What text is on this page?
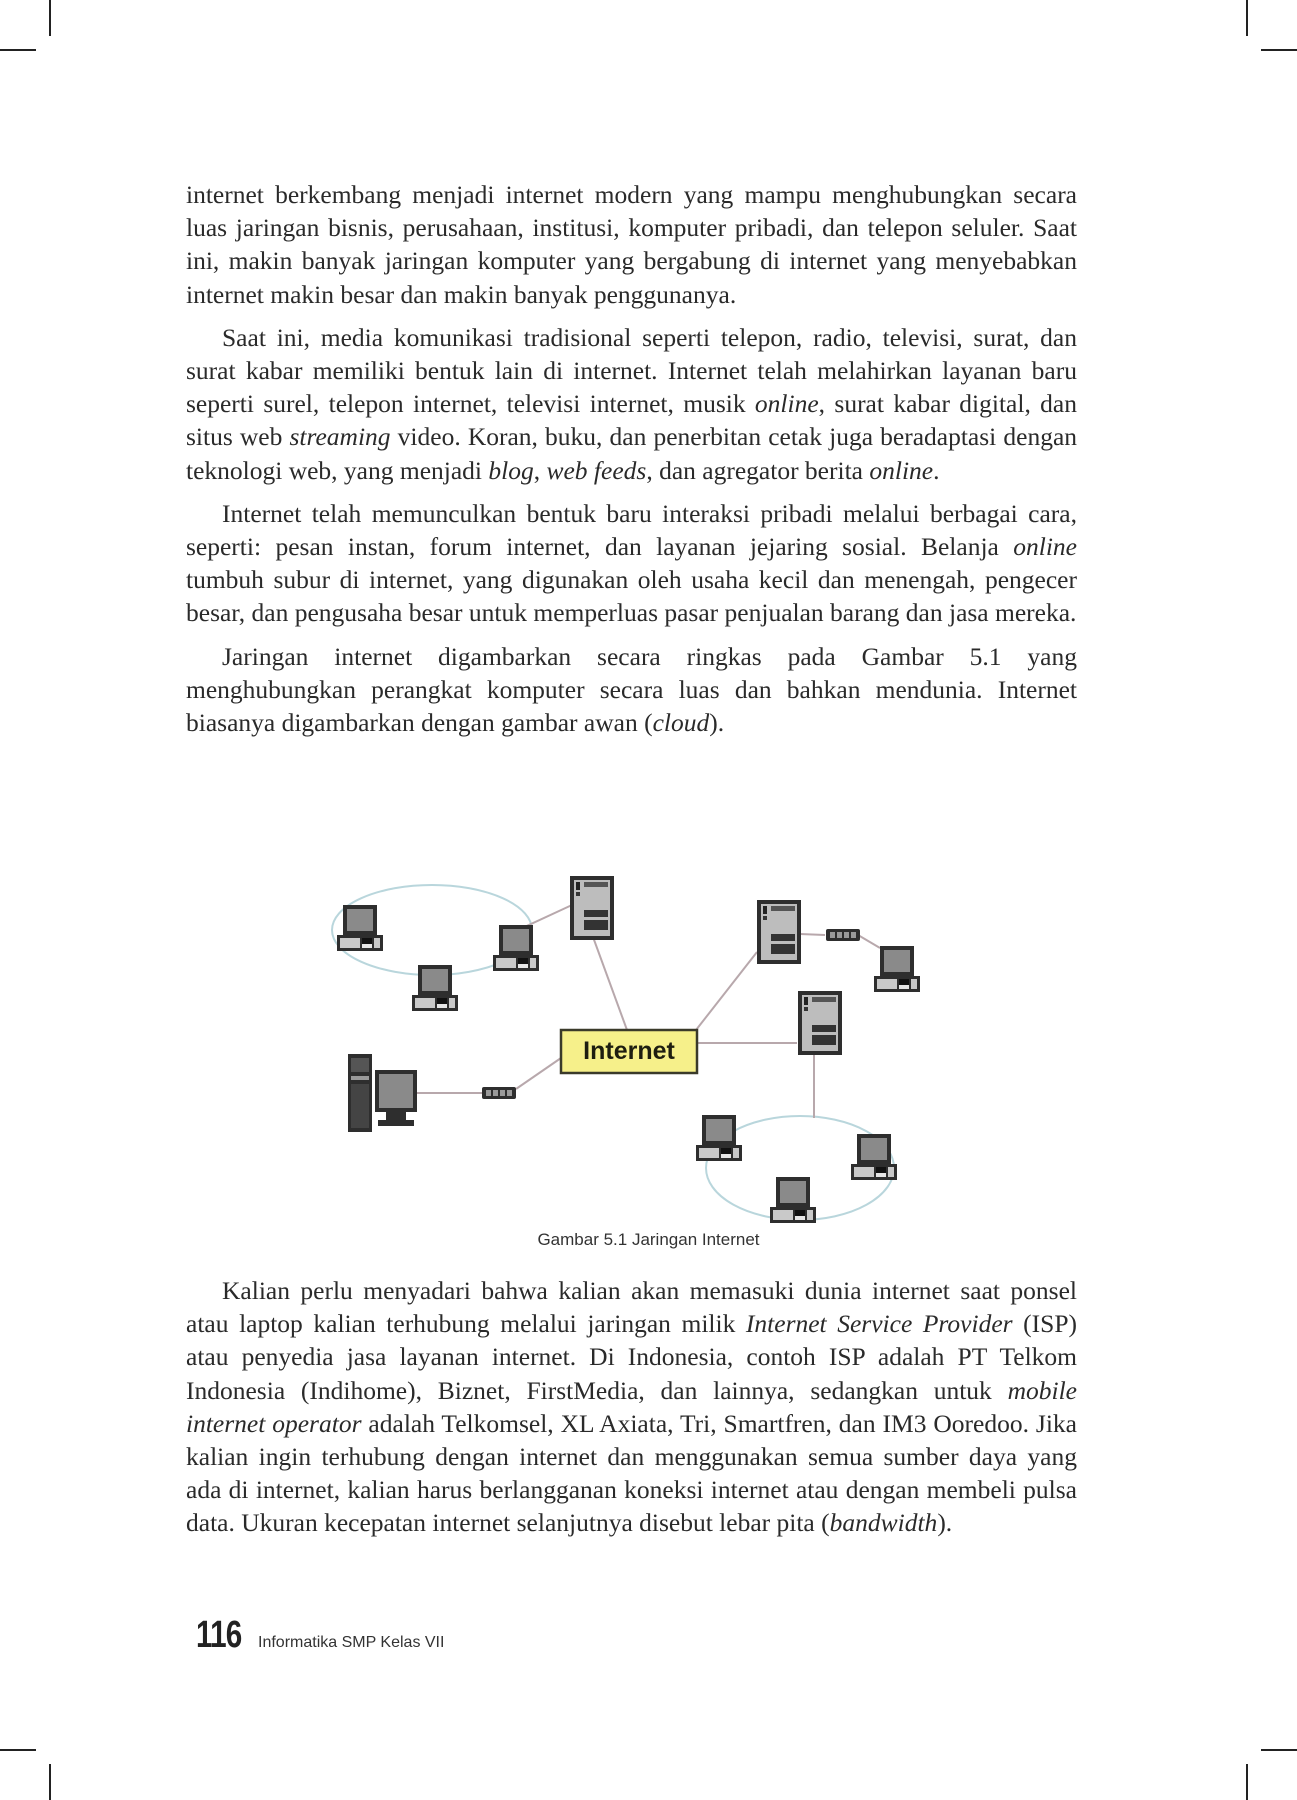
internet berkembang menjadi internet modern yang mampu menghubungkan secara luas jaringan bisnis, perusahaan, institusi, komputer pribadi, dan telepon seluler. Saat ini, makin banyak jaringan komputer yang bergabung di internet yang menyebabkan internet makin besar dan makin banyak penggunanya.

Saat ini, media komunikasi tradisional seperti telepon, radio, televisi, surat, dan surat kabar memiliki bentuk lain di internet. Internet telah melahirkan layanan baru seperti surel, telepon internet, televisi internet, musik online, surat kabar digital, dan situs web streaming video. Koran, buku, dan penerbitan cetak juga beradaptasi dengan teknologi web, yang menjadi blog, web feeds, dan agregator berita online.

Internet telah memunculkan bentuk baru interaksi pribadi melalui berbagai cara, seperti: pesan instan, forum internet, dan layanan jejaring sosial. Belanja online tumbuh subur di internet, yang digunakan oleh usaha kecil dan menengah, pengecer besar, dan pengusaha besar untuk memperluas pasar penjualan barang dan jasa mereka.

Jaringan internet digambarkan secara ringkas pada Gambar 5.1 yang menghubungkan perangkat komputer secara luas dan bahkan mendunia. Internet biasanya digambarkan dengan gambar awan (cloud).

Internet
Gambar 5.1 Jaringan Internet

Kalian perlu menyadari bahwa kalian akan memasuki dunia internet saat ponsel atau laptop kalian terhubung melalui jaringan milik Internet Service Provider (ISP) atau penyedia jasa layanan internet. Di Indonesia, contoh ISP adalah PT Telkom Indonesia (Indihome), Biznet, FirstMedia, dan lainnya, sedangkan untuk mobile internet operator adalah Telkomsel, XL Axiata, Tri, Smartfren, dan IM3 Ooredoo. Jika kalian ingin terhubung dengan internet dan menggunakan semua sumber daya yang ada di internet, kalian harus berlangganan koneksi internet atau dengan membeli pulsa data. Ukuran kecepatan internet selanjutnya disebut lebar pita (bandwidth).

116 Informatika SMP Kelas VII
